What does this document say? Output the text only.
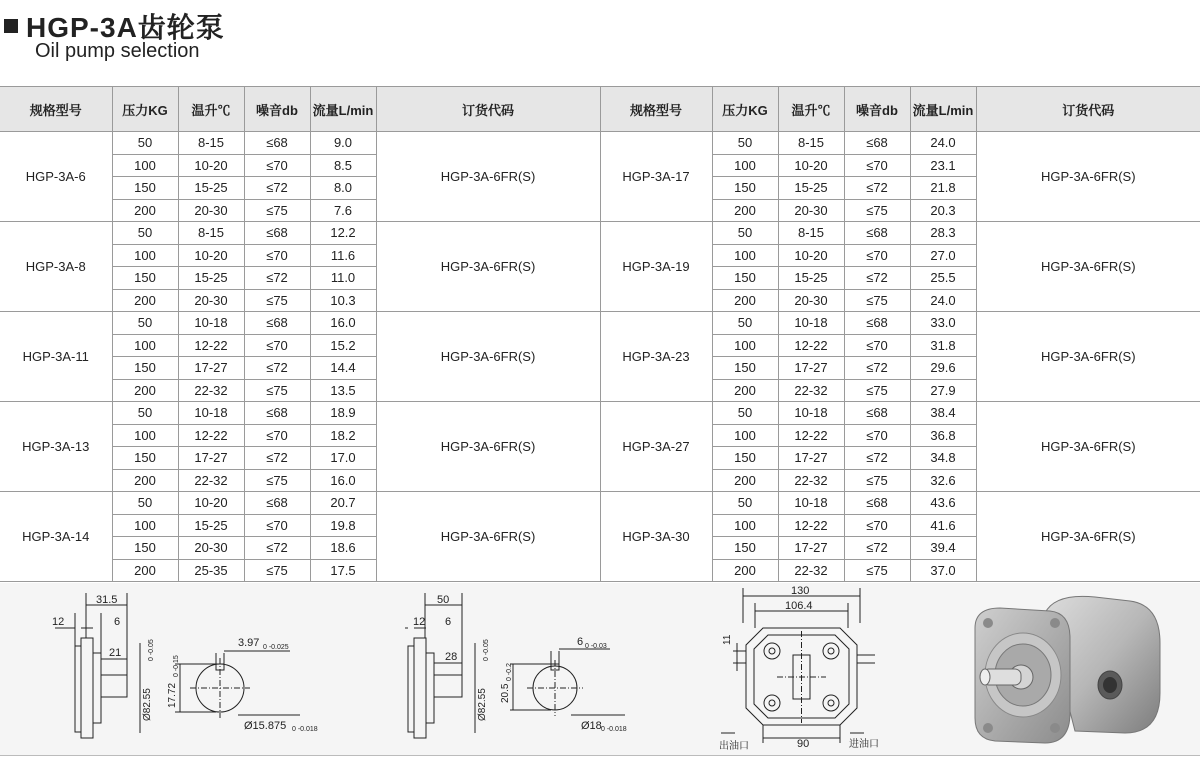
HGP-3A齿轮泵
Oil pump selection
规格型号	压力KG	温升℃	噪音db	流量L/min	订货代码	规格型号	压力KG	温升℃	噪音db	流量L/min	订货代码
HGP-3A-6	50	8-15	≤68	9.0	HGP-3A-6FR(S)	HGP-3A-17	50	8-15	≤68	24.0	HGP-3A-6FR(S)
	100	10-20	≤70	8.5			100	10-20	≤70	23.1	
	150	15-25	≤72	8.0			150	15-25	≤72	21.8	
	200	20-30	≤75	7.6			200	20-30	≤75	20.3	
HGP-3A-8	50	8-15	≤68	12.2	HGP-3A-6FR(S)	HGP-3A-19	50	8-15	≤68	28.3	HGP-3A-6FR(S)
	100	10-20	≤70	11.6			100	10-20	≤70	27.0	
	150	15-25	≤72	11.0			150	15-25	≤72	25.5	
	200	20-30	≤75	10.3			200	20-30	≤75	24.0	
HGP-3A-11	50	10-18	≤68	16.0	HGP-3A-6FR(S)	HGP-3A-23	50	10-18	≤68	33.0	HGP-3A-6FR(S)
	100	12-22	≤70	15.2			100	12-22	≤70	31.8	
	150	17-27	≤72	14.4			150	17-27	≤72	29.6	
	200	22-32	≤75	13.5			200	22-32	≤75	27.9	
HGP-3A-13	50	10-18	≤68	18.9	HGP-3A-6FR(S)	HGP-3A-27	50	10-18	≤68	38.4	HGP-3A-6FR(S)
	100	12-22	≤70	18.2			100	12-22	≤70	36.8	
	150	17-27	≤72	17.0			150	17-27	≤72	34.8	
	200	22-32	≤75	16.0			200	22-32	≤75	32.6	
HGP-3A-14	50	10-20	≤68	20.7	HGP-3A-6FR(S)	HGP-3A-30	50	10-18	≤68	43.6	HGP-3A-6FR(S)
	100	15-25	≤70	19.8			100	12-22	≤70	41.6	
	150	20-30	≤72	18.6			150	17-27	≤72	39.4	
	200	25-35	≤75	17.5			200	22-32	≤75	37.0	
31.5
12	6
21
Ø82.55
0 -0.05
17.72
0 -0.15
3.97 0 -0.025
Ø15.875 0 -0.018
50
12 6
28
Ø82.55
0 -0.05
20.5
0 -0.2
6 0 -0.03
Ø18 0 -0.018
130
106.4
90
11
出油口	进油口
